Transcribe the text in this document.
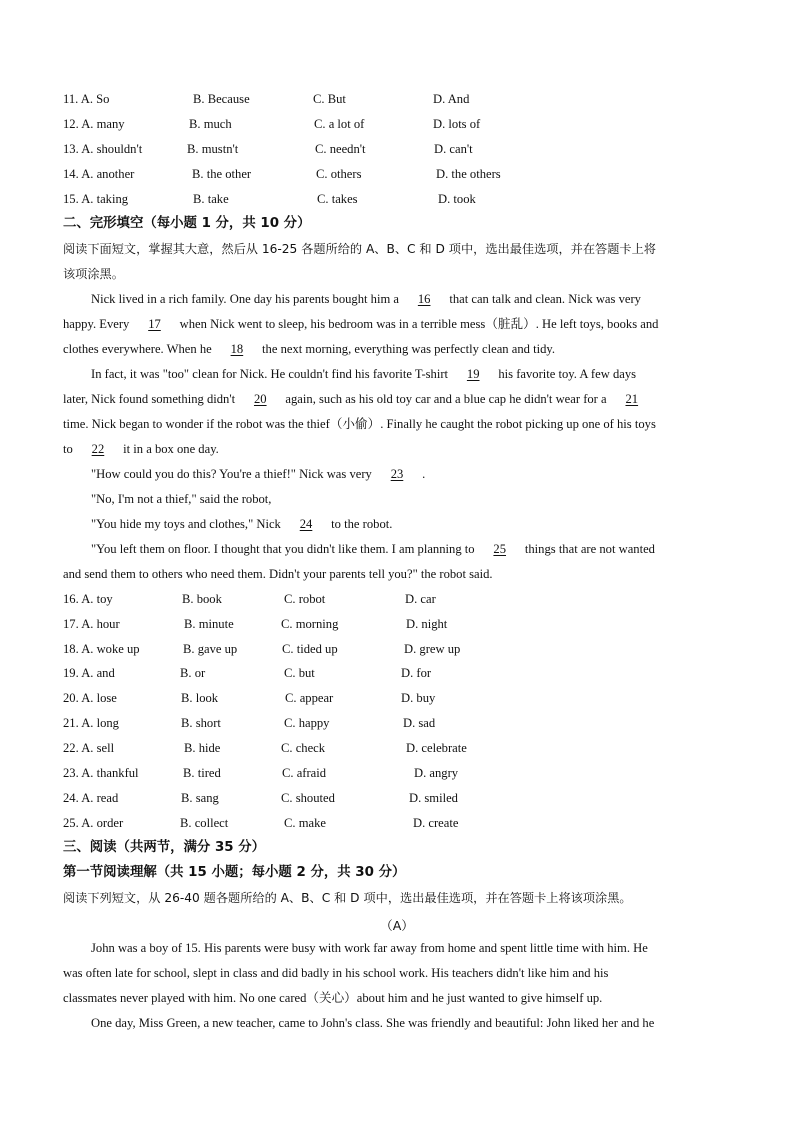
11. A. So	B. Because	C. But	D. And
12. A. many	B. much	C. a lot of	D. lots of
13. A. shouldn't	B. mustn't	C. needn't	D. can't
14. A. another	B. the other	C. others	D. the others
15. A. taking	B. take	C. takes	D. took
二、完形填空（每小题 1 分，共 10 分）
阅读下面短文，掌握其大意，然后从 16-25 各题所给的 A、B、C 和 D 项中，选出最佳选项，并在答题卡上将
该项涂黑。
Nick lived in a rich family. One day his parents bought him a 16 that can talk and clean. Nick was very
happy. Every 17 when Nick went to sleep, his bedroom was in a terrible mess（脏乱）. He left toys, books and
clothes everywhere. When he 18 the next morning, everything was perfectly clean and tidy.
In fact, it was "too" clean for Nick. He couldn't find his favorite T-shirt 19 his favorite toy. A few days
later, Nick found something didn't 20 again, such as his old toy car and a blue cap he didn't wear for a 21
time. Nick began to wonder if the robot was the thief（小偷）. Finally he caught the robot picking up one of his toys
to 22 it in a box one day.
"How could you do this? You're a thief!" Nick was very 23 .
"No, I'm not a thief," said the robot,
"You hide my toys and clothes," Nick 24 to the robot.
"You left them on floor. I thought that you didn't like them. I am planning to 25 things that are not wanted
and send them to others who need them. Didn't your parents tell you?" the robot said.
16. A. toy	B. book	C. robot	D. car
17. A. hour	B. minute	C. morning	D. night
18. A. woke up	B. gave up	C. tided up	D. grew up
19. A. and	B. or	C. but	D. for
20. A. lose	B. look	C. appear	D. buy
21. A. long	B. short	C. happy	D. sad
22. A. sell	B. hide	C. check	D. celebrate
23. A. thankful	B. tired	C. afraid	D. angry
24. A. read	B. sang	C. shouted	D. smiled
25. A. order	B. collect	C. make	D. create
三、阅读（共两节，满分 35 分）
第一节阅读理解（共 15 小题；每小题 2 分，共 30 分）
阅读下列短文，从 26-40 题各题所给的 A、B、C 和 D 项中，选出最佳选项，并在答题卡上将该项涂黑。
（A）
John was a boy of 15. His parents were busy with work far away from home and spent little time with him. He
was often late for school, slept in class and did badly in his school work. His teachers didn't like him and his
classmates never played with him. No one cared（关心）about him and he just wanted to give himself up.
One day, Miss Green, a new teacher, came to John's class. She was friendly and beautiful: John liked her and he
